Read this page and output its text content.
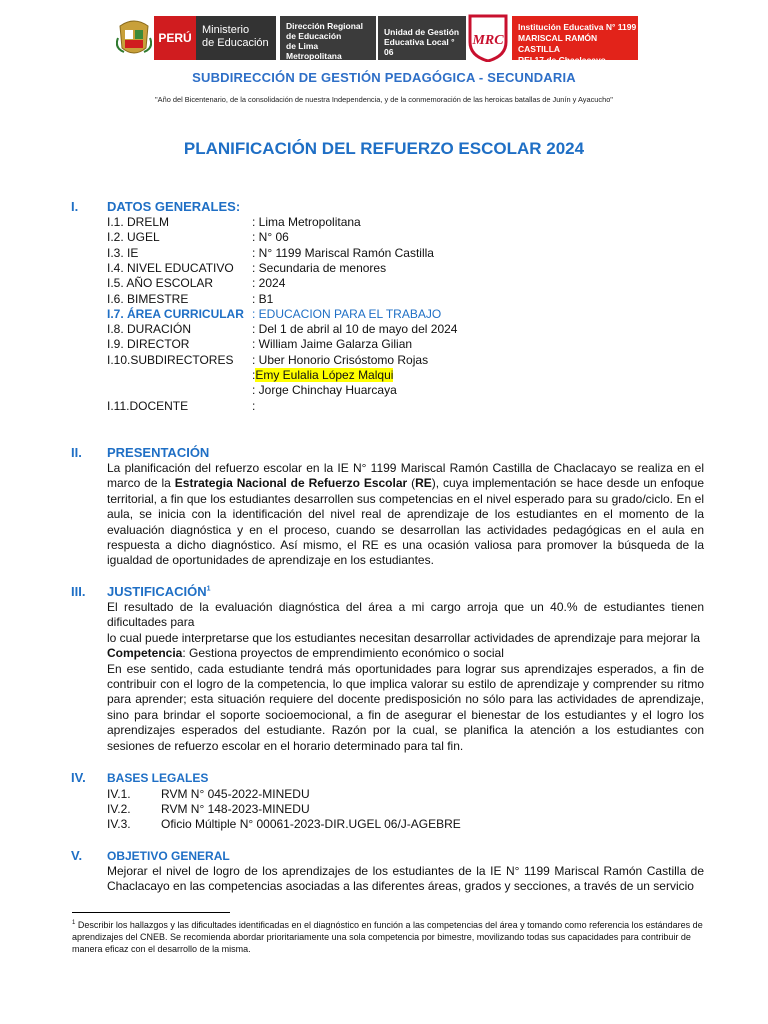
PERÚ
Ministerio
de Educación
Dirección Regional
de Educación
de Lima Metropolitana
Unidad de Gestión
Educativa Local ° 06
MRC
Institución Educativa N° 1199
MARISCAL RAMÓN CASTILLA
REI 17 de Chaclacayo
SUBDIRECCIÓN DE GESTIÓN PEDAGÓGICA - SECUNDARIA
"Año del Bicentenario, de la consolidación de nuestra Independencia, y de la conmemoración de las heroicas batallas de Junín y Ayacucho"
PLANIFICACIÓN DEL REFUERZO ESCOLAR 2024
I. DATOS GENERALES:
I.1. DRELM	: Lima Metropolitana
I.2. UGEL	: N° 06
I.3. IE	: N° 1199 Mariscal Ramón Castilla
I.4. NIVEL EDUCATIVO : Secundaria de menores
I.5. AÑO ESCOLAR	: 2024
I.6. BIMESTRE	: B1
I.7. ÁREA CURRICULAR : EDUCACION PARA EL TRABAJO
I.8. DURACIÓN	: Del 1 de abril al 10 de mayo del 2024
I.9. DIRECTOR	: William Jaime Galarza Gilian
I.10.SUBDIRECTORES : Uber Honorio Crisóstomo Rojas
:Emy Eulalia López Malqui
: Jorge Chinchay Huarcaya
I.11.DOCENTE	:
II. PRESENTACIÓN
La planificación del refuerzo escolar en la IE N° 1199 Mariscal Ramón Castilla de Chaclacayo se realiza en el marco de la Estrategia Nacional de Refuerzo Escolar (RE), cuya implementación se hace desde un enfoque territorial, a fin que los estudiantes desarrollen sus competencias en el nivel esperado para su grado/ciclo. En el aula, se inicia con la identificación del nivel real de aprendizaje de los estudiantes en el momento de la evaluación diagnóstica y en el proceso, cuando se desarrollan las actividades pedagógicas en el aula en respuesta a dicho diagnóstico. Así mismo, el RE es una ocasión valiosa para promover la búsqueda de la igualdad de oportunidades de aprendizaje en los estudiantes.
III. JUSTIFICACIÓN$^1$
El resultado de la evaluación diagnóstica del área a mi cargo arroja que un 40.% de estudiantes tienen dificultades para
lo cual puede interpretarse que los estudiantes necesitan desarrollar actividades de aprendizaje para mejorar la
Competencia: Gestiona proyectos de emprendimiento económico o social
En ese sentido, cada estudiante tendrá más oportunidades para lograr sus aprendizajes esperados, a fin de contribuir con el logro de la competencia, lo que implica valorar su estilo de aprendizaje y comprender su ritmo para aprender; esta situación requiere del docente predisposición no sólo para las actividades de aprendizaje, sino para brindar el soporte socioemocional, a fin de asegurar el bienestar de los estudiantes y el logro los aprendizajes esperados del estudiante. Razón por la cual, se planifica la atención a los estudiantes con sesiones de refuerzo escolar en el horario determinado para tal fin.
IV. BASES LEGALES
IV.1.	RVM N° 045-2022-MINEDU
IV.2.	RVM N° 148-2023-MINEDU
IV.3.	Oficio Múltiple N° 00061-2023-DIR.UGEL 06/J-AGEBRE
V. OBJETIVO GENERAL
Mejorar el nivel de logro de los aprendizajes de los estudiantes de la IE N° 1199 Mariscal Ramón Castilla de Chaclacayo en las competencias asociadas a las diferentes áreas, grados y secciones, a través de un servicio
$^1$ Describir los hallazgos y las dificultades identificadas en el diagnóstico en función a las competencias del área y tomando como referencia los estándares de aprendizajes del CNEB. Se recomienda abordar prioritariamente una sola competencia por bimestre, movilizando todas sus capacidades para contribuir de manera eficaz con el desarrollo de la misma.
